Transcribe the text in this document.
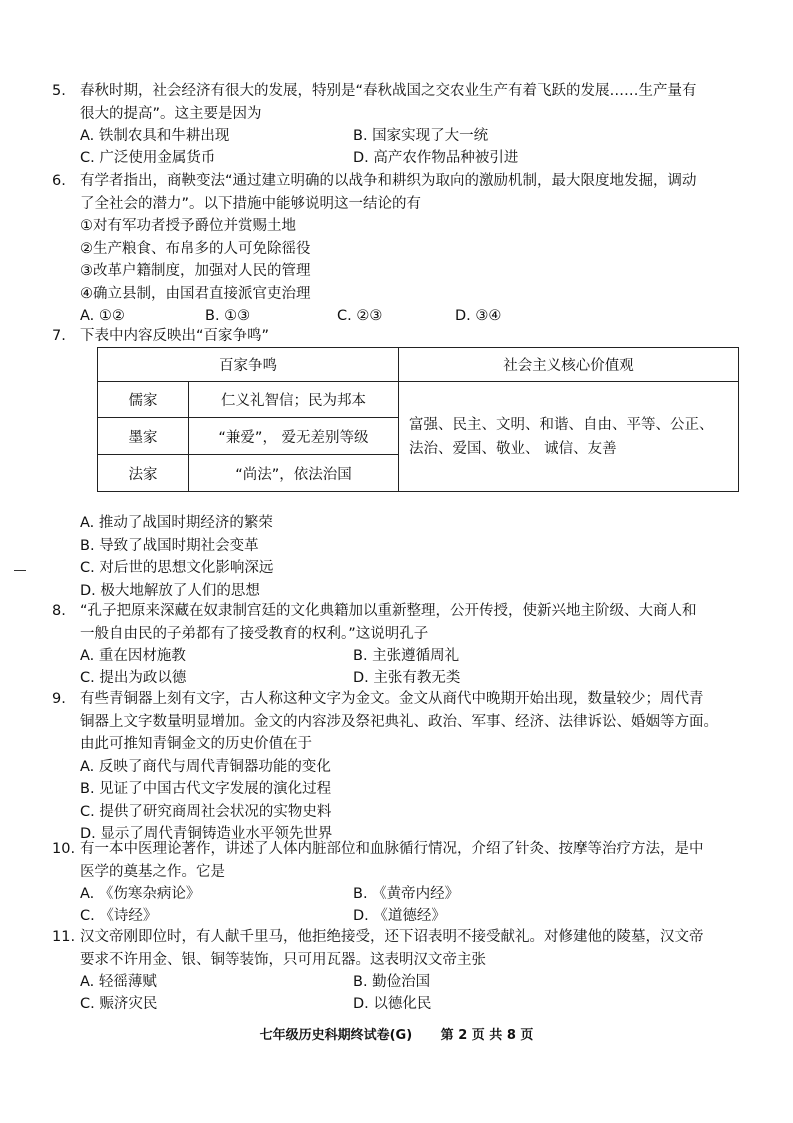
5. 春秋时期，社会经济有很大的发展，特别是“春秋战国之交农业生产有着飞跃的发展……生产量有
很大的提高”。这主要是因为
A. 铁制农具和牛耕出现	B. 国家实现了大一统
C. 广泛使用金属货币	D. 高产农作物品种被引进
6. 有学者指出，商鞅变法“通过建立明确的以战争和耕织为取向的激励机制，最大限度地发掘，调动
了全社会的潜力”。以下措施中能够说明这一结论的有
①对有军功者授予爵位并赏赐土地
②生产粮食、布帛多的人可免除徭役
③改革户籍制度，加强对人民的管理
④确立县制，由国君直接派官吏治理
A. ①②	B. ①③	C. ②③	D. ③④
7. 下表中内容反映出“百家争鸣”
百家争鸣		社会主义核心价值观
儒家	仁义礼智信；民为邦本	富强、民主、文明、和谐、自由、平等、公正、
法治、爱国、敬业、 诚信、友善

墨家	“兼爱”， 爱无差别等级	
法家	“尚法”，依法治国	
A. 推动了战国时期经济的繁荣
B. 导致了战国时期社会变革
C. 对后世的思想文化影响深远
D. 极大地解放了人们的思想
8. “孔子把原来深藏在奴隶制宫廷的文化典籍加以重新整理，公开传授，使新兴地主阶级、大商人和
一般自由民的子弟都有了接受教育的权利。”这说明孔子
A. 重在因材施教	B. 主张遵循周礼
C. 提出为政以德	D. 主张有教无类
9. 有些青铜器上刻有文字，古人称这种文字为金文。金文从商代中晚期开始出现，数量较少；周代青
铜器上文字数量明显增加。金文的内容涉及祭祀典礼、政治、军事、经济、法律诉讼、婚姻等方面。
由此可推知青铜金文的历史价值在于
A. 反映了商代与周代青铜器功能的变化
B. 见证了中国古代文字发展的演化过程
C. 提供了研究商周社会状况的实物史料
D. 显示了周代青铜铸造业水平领先世界
10. 有一本中医理论著作，讲述了人体内脏部位和血脉循行情况，介绍了针灸、按摩等治疗方法，是中
医学的奠基之作。它是
A. 《伤寒杂病论》	B. 《黄帝内经》
C. 《诗经》	D. 《道德经》
11. 汉文帝刚即位时，有人献千里马，他拒绝接受，还下诏表明不接受献礼。对修建他的陵墓，汉文帝
要求不许用金、银、铜等装饰，只可用瓦器。这表明汉文帝主张
A. 轻徭薄赋	B. 勤俭治国
C. 赈济灾民	D. 以德化民
七年级历史科期终试卷(G) 第 2 页 共 8 页
